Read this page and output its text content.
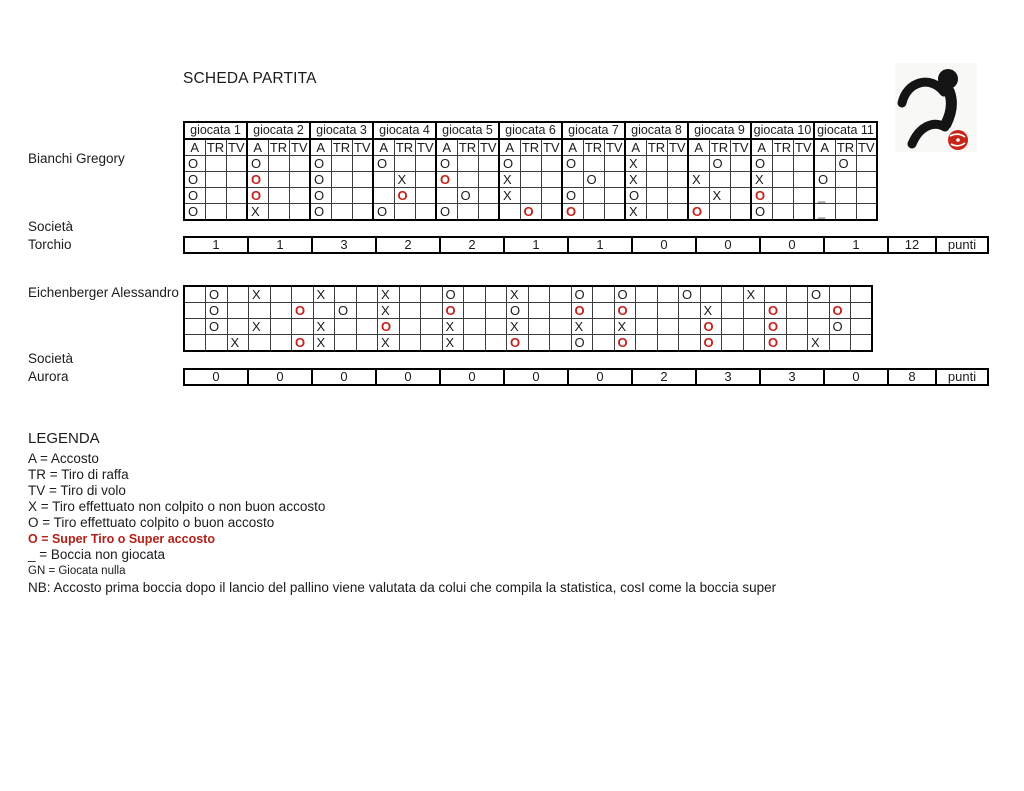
SCHEDA PARTITA
Bianchi Gregory
Società
Torchio
giocata 1			giocata 2			giocata 3			giocata 4			giocata 5			giocata 6			giocata 7			giocata 8			giocata 9			giocata 10			giocata 11		
A	TR	TV	A	TR	TV	A	TR	TV	A	TR	TV	A	TR	TV	A	TR	TV	A	TR	TV	A	TR	TV	A	TR	TV	A	TR	TV	A	TR	TV
O			O			O			O			O			O			O			X				O		O				O	
O			O			O				X		O			X				O		X			X			X			O		
O			O			O				O			O		X			O			O				X		O			_		
O			X			O			O			O				O		O			X			O			O			_		
1	1	3	2	2	1	1	0	0	0	1	12	punti
Eichenberger Alessandro
Società
Aurora
	O		X			X			X			O			X			O		O			O			X			O		
	O				O		O		X			O			O			O		O				X			O			O	
	O		X			X			O			X			X			X		X				O			O			O	
		X			O	X			X			X			O			O		O				O			O		X		
0	0	0	0	0	0	0	2	3	3	0	8	punti
LEGENDA
A = Accosto
TR = Tiro di raffa
TV = Tiro di volo
X = Tiro effettuato non colpito o non buon accosto
O = Tiro effettuato colpito o buon accosto
O = Super Tiro o Super accosto
_ = Boccia non giocata
GN = Giocata nulla
NB: Accosto prima boccia dopo il lancio del pallino viene valutata da colui che compila la statistica, cosI come la boccia super
